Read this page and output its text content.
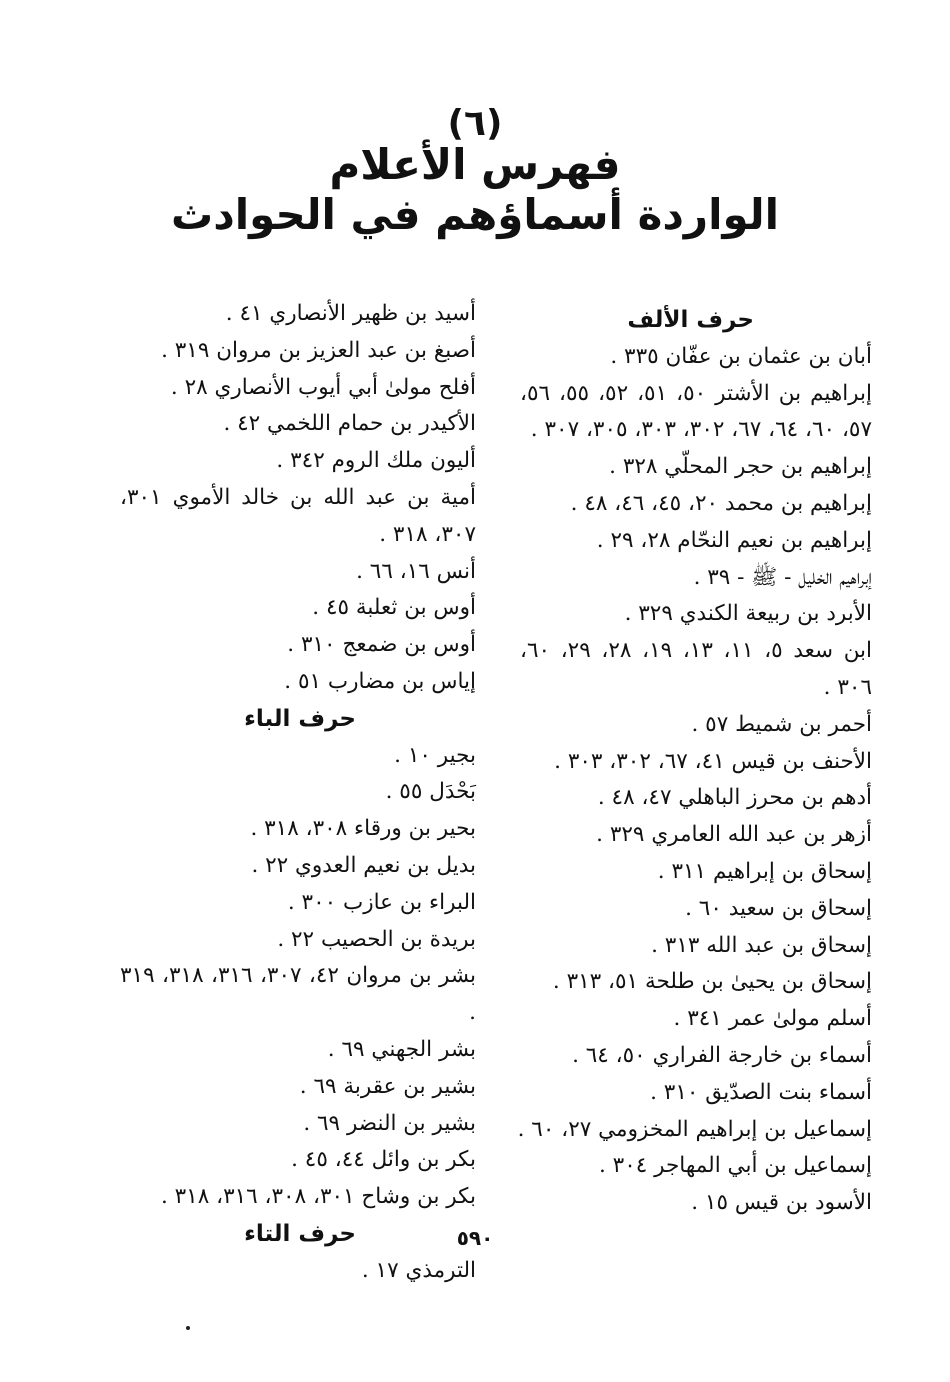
(٦)
فهرس الأعلام
الواردة أسماؤهم في الحوادث
حرف الألف
أبان بن عثمان بن عفّان ٣٣٥ .
إبراهيم بن الأشتر ٥٠، ٥١، ٥٢، ٥٥، ٥٦، ٥٧، ٦٠، ٦٤، ٦٧، ٣٠٢، ٣٠٣، ٣٠٥، ٣٠٧ .
إبراهيم بن حجر المحلّي ٣٢٨ .
إبراهيم بن محمد ٢٠، ٤٥، ٤٦، ٤٨ .
إبراهيم بن نعيم النحّام ٢٨، ٢٩ .
إبراهيم الخليل - ﷺ - ٣٩ .
الأبرد بن ربيعة الكندي ٣٢٩ .
ابن سعد ٥، ١١، ١٣، ١٩، ٢٨، ٢٩، ٦٠، ٣٠٦ .
أحمر بن شميط ٥٧ .
الأحنف بن قيس ٤١، ٦٧، ٣٠٢، ٣٠٣ .
أدهم بن محرز الباهلي ٤٧، ٤٨ .
أزهر بن عبد الله العامري ٣٢٩ .
إسحاق بن إبراهيم ٣١١ .
إسحاق بن سعيد ٦٠ .
إسحاق بن عبد الله ٣١٣ .
إسحاق بن يحيىٰ بن طلحة ٥١، ٣١٣ .
أسلم مولىٰ عمر ٣٤١ .
أسماء بن خارجة الفراري ٥٠، ٦٤ .
أسماء بنت الصدّيق ٣١٠ .
إسماعيل بن إبراهيم المخزومي ٢٧، ٦٠ .
إسماعيل بن أبي المهاجر ٣٠٤ .
الأسود بن قيس ١٥ .
أسيد بن ظهير الأنصاري ٤١ .
أصبغ بن عبد العزيز بن مروان ٣١٩ .
أفلح مولىٰ أبي أيوب الأنصاري ٢٨ .
الأكيدر بن حمام اللخمي ٤٢ .
أليون ملك الروم ٣٤٢ .
أمية بن عبد الله بن خالد الأموي ٣٠١، ٣٠٧، ٣١٨ .
أنس ١٦، ٦٦ .
أوس بن ثعلبة ٤٥ .
أوس بن ضمعج ٣١٠ .
إياس بن مضارب ٥١ .
حرف الباء
بجير ١٠ .
بَحْدَل ٥٥ .
بحير بن ورقاء ٣٠٨، ٣١٨ .
بديل بن نعيم العدوي ٢٢ .
البراء بن عازب ٣٠٠ .
بريدة بن الحصيب ٢٢ .
بشر بن مروان ٤٢، ٣٠٧، ٣١٦، ٣١٨، ٣١٩ .
بشر الجهني ٦٩ .
بشير بن عقربة ٦٩ .
بشير بن النضر ٦٩ .
بكر بن وائل ٤٤، ٤٥ .
بكر بن وشاح ٣٠١، ٣٠٨، ٣١٦، ٣١٨ .
حرف التاء
الترمذي ١٧ .
٥٩٠
